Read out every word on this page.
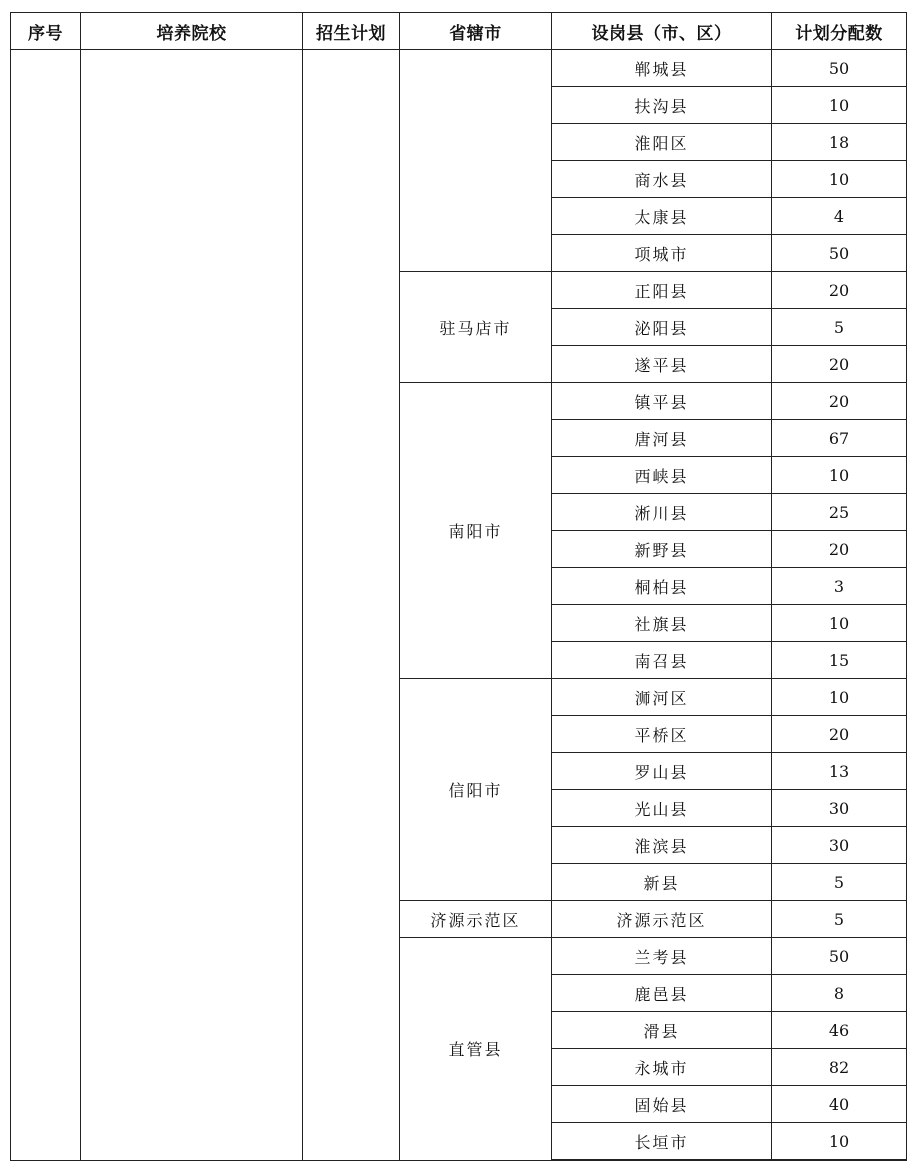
序号	培养院校	招生计划	省辖市	设岗县（市、区）	计划分配数
				郸城县	50
				扶沟县	10
				淮阳区	18
				商水县	10
				太康县	4
				项城市	50
			驻马店市	正阳县	20
				泌阳县	5
				遂平县	20
			南阳市	镇平县	20
				唐河县	67
				西峡县	10
				淅川县	25
				新野县	20
				桐柏县	3
				社旗县	10
				南召县	15
			信阳市	浉河区	10
				平桥区	20
				罗山县	13
				光山县	30
				淮滨县	30
				新县	5
			济源示范区	济源示范区	5
			直管县	兰考县	50
				鹿邑县	8
				滑县	46
				永城市	82
				固始县	40
				长垣市	10
